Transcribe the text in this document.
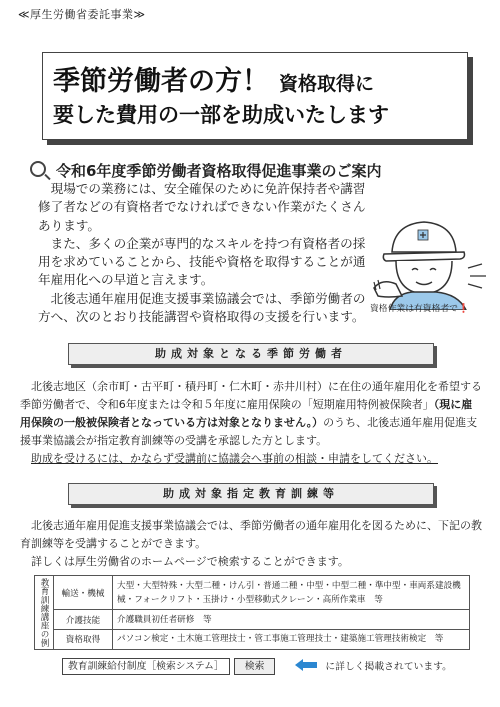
≪厚生労働省委託事業≫
季節労働者の方！ 資格取得に
要した費用の一部を助成いたします
令和6年度季節労働者資格取得促進事業のご案内

現場での業務には、安全確保のために免許保持者や講習修了者などの有資格者でなければできない作業がたくさんあります。

また、多くの企業が専門的なスキルを持つ有資格者の採用を求めていることから、技能や資格を取得することが通年雇用化への早道と言えます。

北後志通年雇用促進支援事業協議会では、季節労働者の方へ、次のとおり技能講習や資格取得の支援を行います。

資格作業は有資格者で❗
助成対象となる季節労働者

北後志地区（余市町・古平町・積丹町・仁木町・赤井川村）に在住の通年雇用化を希望する季節労働者で、令和6年度または令和５年度に雇用保険の「短期雇用特例被保険者」（現に雇用保険の一般被保険者となっている方は対象となりません。）のうち、北後志通年雇用促進支援事業協議会が指定教育訓練等の受講を承認した方とします。

助成を受けるには、かならず受講前に協議会へ事前の相談・申請をしてください。

助成対象指定教育訓練等

北後志通年雇用促進支援事業協議会では、季節労働者の通年雇用化を図るために、下記の教育訓練等を受講することができます。

詳しくは厚生労働省のホームページで検索することができます。

教育訓練講座の例	輸送・機械	大型・大型特殊・大型二種・けん引・普通二種・中型・中型二種・準中型・車両系建設機械・フォークリフト・玉掛け・小型移動式クレーン・高所作業車　等
	介護技能	介護職員初任者研修　等
	資格取得	パソコン検定・土木施工管理技士・管工事施工管理技士・建築施工管理技術検定　等
教育訓練給付制度［検索システム］ 検索	に詳しく掲載されています。
